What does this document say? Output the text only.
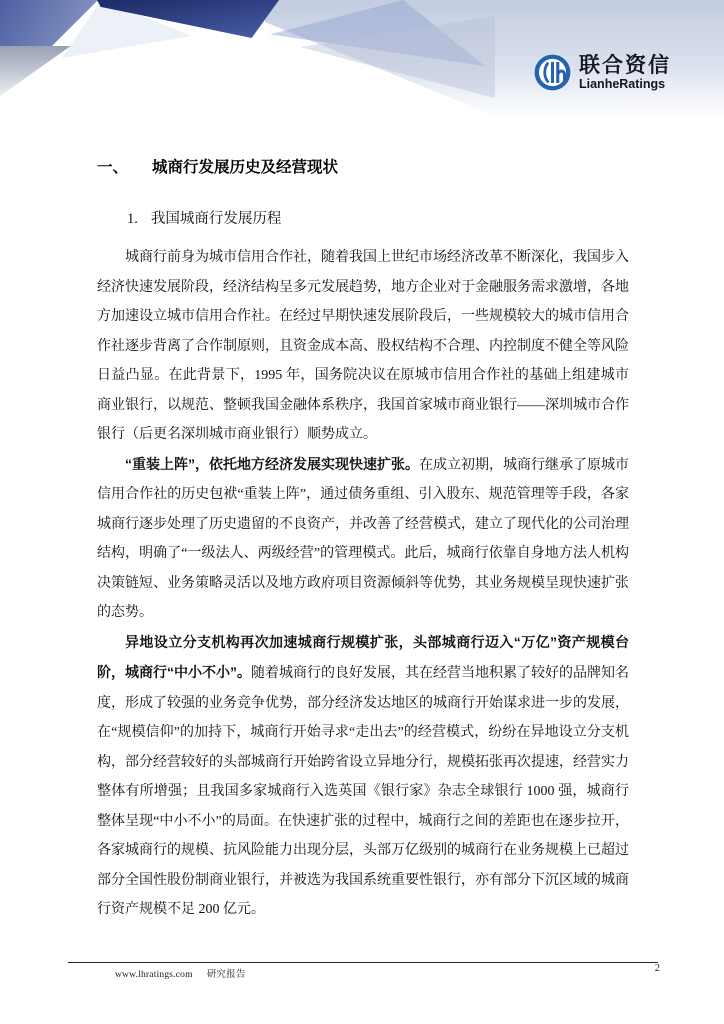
联合资信
LianheRatings
一、 城商行发展历史及经营现状
1. 我国城商行发展历程

城商行前身为城市信用合作社，随着我国上世纪市场经济改革不断深化，我国步入经济快速发展阶段，经济结构呈多元发展趋势，地方企业对于金融服务需求激增，各地方加速设立城市信用合作社。在经过早期快速发展阶段后，一些规模较大的城市信用合作社逐步背离了合作制原则，且资金成本高、股权结构不合理、内控制度不健全等风险日益凸显。在此背景下，1995 年，国务院决议在原城市信用合作社的基础上组建城市商业银行，以规范、整顿我国金融体系秩序，我国首家城市商业银行——深圳城市合作银行（后更名深圳城市商业银行）顺势成立。

“重装上阵”，依托地方经济发展实现快速扩张。在成立初期，城商行继承了原城市信用合作社的历史包袱“重装上阵”，通过债务重组、引入股东、规范管理等手段，各家城商行逐步处理了历史遗留的不良资产，并改善了经营模式，建立了现代化的公司治理结构，明确了“一级法人、两级经营”的管理模式。此后，城商行依靠自身地方法人机构决策链短、业务策略灵活以及地方政府项目资源倾斜等优势，其业务规模呈现快速扩张的态势。

异地设立分支机构再次加速城商行规模扩张，头部城商行迈入“万亿”资产规模台阶，城商行“中小不小”。随着城商行的良好发展，其在经营当地积累了较好的品牌知名度，形成了较强的业务竞争优势，部分经济发达地区的城商行开始谋求进一步的发展，在“规模信仰”的加持下，城商行开始寻求“走出去”的经营模式，纷纷在异地设立分支机构，部分经营较好的头部城商行开始跨省设立异地分行，规模拓张再次提速，经营实力整体有所增强；且我国多家城商行入选英国《银行家》杂志全球银行 1000 强，城商行整体呈现“中小不小”的局面。在快速扩张的过程中，城商行之间的差距也在逐步拉开，各家城商行的规模、抗风险能力出现分层，头部万亿级别的城商行在业务规模上已超过部分全国性股份制商业银行，并被选为我国系统重要性银行，亦有部分下沉区域的城商行资产规模不足 200 亿元。

www.lhratings.com 研究报告
2
